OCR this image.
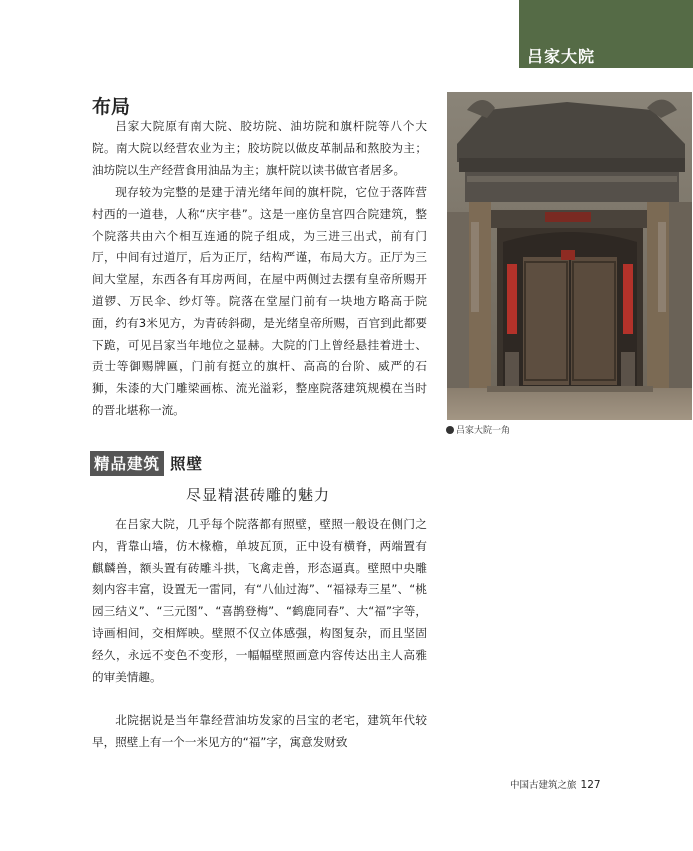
吕家大院
布局

吕家大院原有南大院、胶坊院、油坊院和旗杆院等八个大院。南大院以经营农业为主；胶坊院以做皮革制品和熬胶为主；油坊院以生产经营食用油品为主；旗杆院以读书做官者居多。

现存较为完整的是建于清光绪年间的旗杆院，它位于落阵营村西的一道巷，人称“庆宇巷”。这是一座仿皇宫四合院建筑，整个院落共由六个相互连通的院子组成，为三进三出式，前有门厅，中间有过道厅，后为正厅，结构严谨，布局大方。正厅为三间大堂屋，东西各有耳房两间，在屋中两侧过去摆有皇帝所赐开道锣、万民伞、纱灯等。院落在堂屋门前有一块地方略高于院面，约有3米见方，为青砖斜砌，是光绪皇帝所赐，百官到此都要下跪，可见吕家当年地位之显赫。大院的门上曾经悬挂着进士、贡士等御赐牌匾，门前有挺立的旗杆、高高的台阶、威严的石狮，朱漆的大门雕梁画栋、流光溢彩，整座院落建筑规模在当时的晋北堪称一流。

吕家大院一角
精品建筑 照壁
尽显精湛砖雕的魅力

在吕家大院，几乎每个院落都有照壁，壁照一般设在侧门之内，背靠山墙，仿木椽檐，单坡瓦顶，正中设有横脊，两端置有麒麟兽，额头置有砖雕斗拱，飞禽走兽，形态逼真。壁照中央雕刻内容丰富，设置无一雷同，有“八仙过海”、“福禄寿三星”、“桃园三结义”、“三元图”、“喜鹊登梅”、“鹤鹿同春”、大“福”字等，诗画相间，交相辉映。壁照不仅立体感强，构图复杂，而且坚固经久，永远不变色不变形，一幅幅壁照画意内容传达出主人高雅的审美情趣。

北院据说是当年靠经营油坊发家的吕宝的老宅，建筑年代较早，照壁上有一个一米见方的“福”字，寓意发财致

中国古建筑之旅 127
